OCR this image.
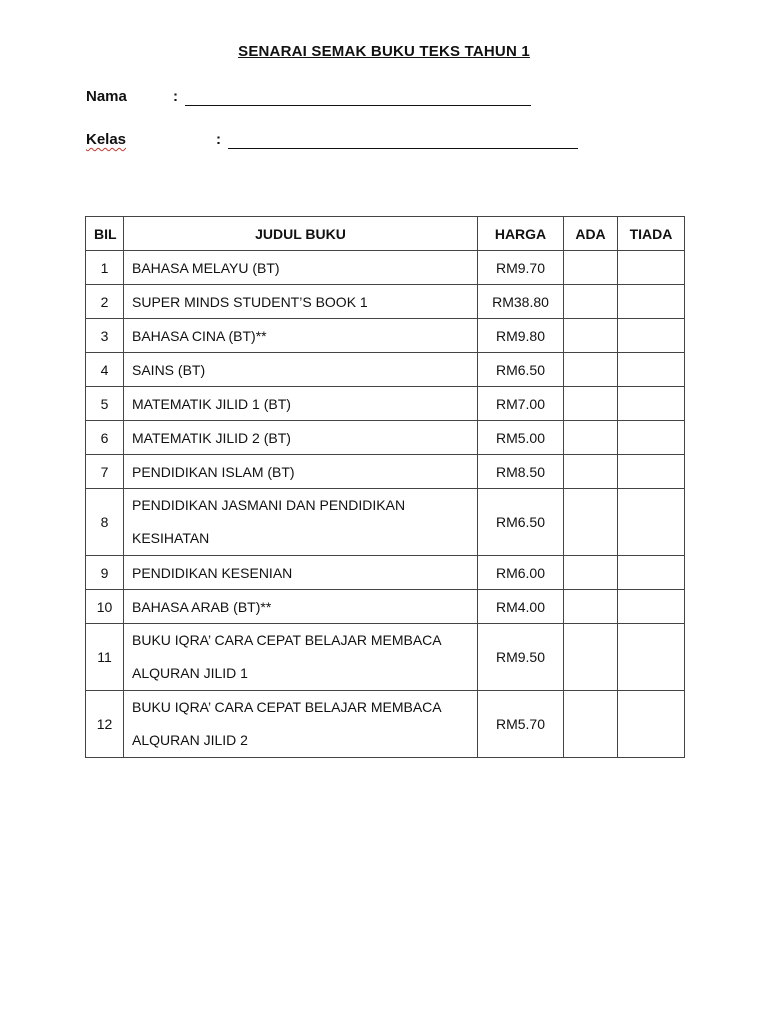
SENARAI SEMAK BUKU TEKS TAHUN 1
Nama	:
Kelas	:
BIL	JUDUL BUKU	HARGA	ADA	TIADA
1	BAHASA MELAYU (BT)	RM9.70		
2	SUPER MINDS STUDENT’S BOOK 1	RM38.80		
3	BAHASA CINA (BT)**	RM9.80		
4	SAINS (BT)	RM6.50		
5	MATEMATIK JILID 1 (BT)	RM7.00		
6	MATEMATIK JILID 2 (BT)	RM5.00		
7	PENDIDIKAN ISLAM (BT)	RM8.50		
8	PENDIDIKAN JASMANI DAN PENDIDIKAN KESIHATAN	RM6.50		
9	PENDIDIKAN KESENIAN	RM6.00		
10	BAHASA ARAB (BT)**	RM4.00		
11	BUKU IQRA’ CARA CEPAT BELAJAR MEMBACA ALQURAN JILID 1	RM9.50		
12	BUKU IQRA’ CARA CEPAT BELAJAR MEMBACA ALQURAN JILID 2	RM5.70		
